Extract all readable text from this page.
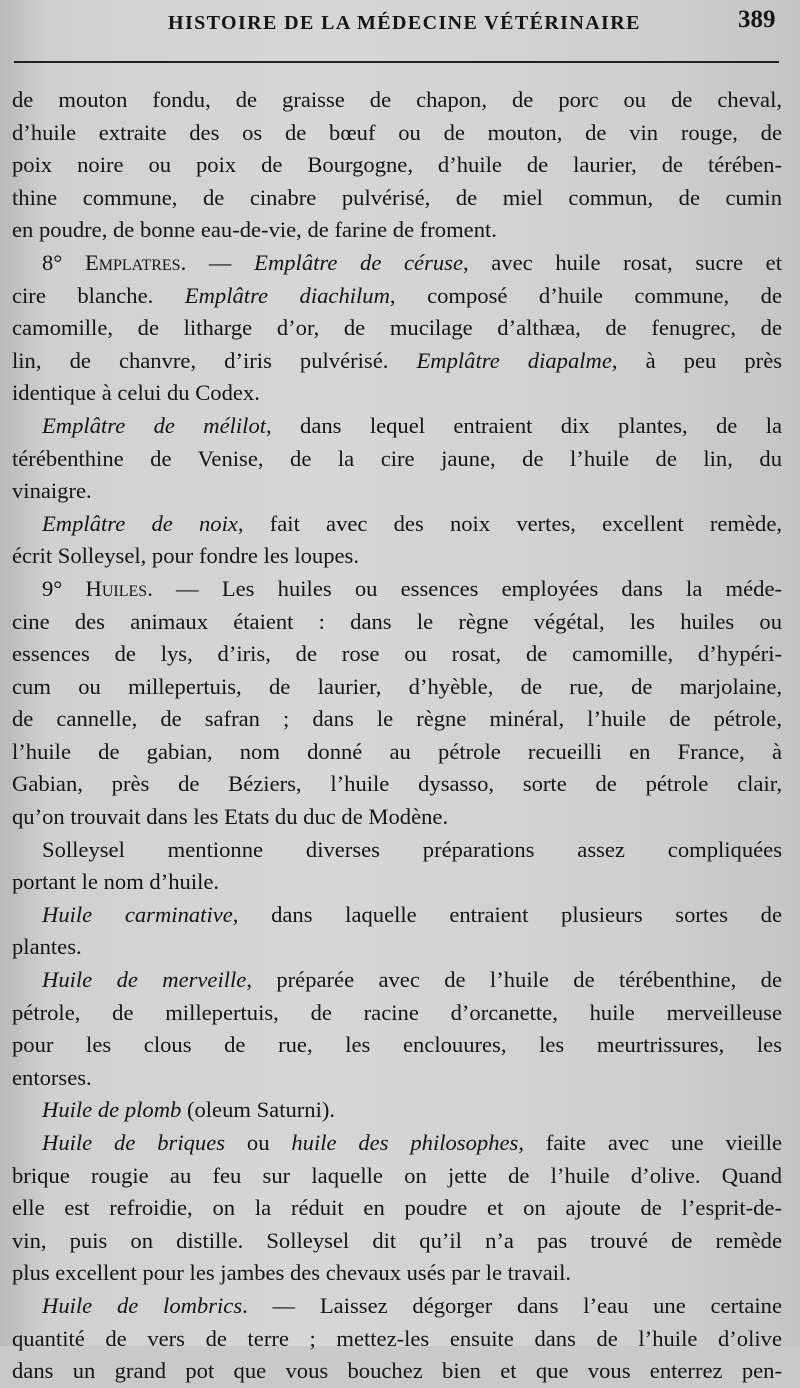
HISTOIRE DE LA MÉDECINE VÉTÉRINAIRE	389
de mouton fondu, de graisse de chapon, de porc ou de cheval,
d’huile extraite des os de bœuf ou de mouton, de vin rouge, de
poix noire ou poix de Bourgogne, d’huile de laurier, de térében-
thine commune, de cinabre pulvérisé, de miel commun, de cumin
en poudre, de bonne eau-de-vie, de farine de froment.
8° Emplatres. — Emplâtre de céruse, avec huile rosat, sucre et
cire blanche. Emplâtre diachilum, composé d’huile commune, de
camomille, de litharge d’or, de mucilage d’althæa, de fenugrec, de
lin, de chanvre, d’iris pulvérisé. Emplâtre diapalme, à peu près
identique à celui du Codex.
Emplâtre de mélilot, dans lequel entraient dix plantes, de la
térébenthine de Venise, de la cire jaune, de l’huile de lin, du
vinaigre.
Emplâtre de noix, fait avec des noix vertes, excellent remède,
écrit Solleysel, pour fondre les loupes.
9° Huiles. — Les huiles ou essences employées dans la méde-
cine des animaux étaient : dans le règne végétal, les huiles ou
essences de lys, d’iris, de rose ou rosat, de camomille, d’hypéri-
cum ou millepertuis, de laurier, d’hyèble, de rue, de marjolaine,
de cannelle, de safran ; dans le règne minéral, l’huile de pétrole,
l’huile de gabian, nom donné au pétrole recueilli en France, à
Gabian, près de Béziers, l’huile dysasso, sorte de pétrole clair,
qu’on trouvait dans les Etats du duc de Modène.
Solleysel mentionne diverses préparations assez compliquées
portant le nom d’huile.
Huile carminative, dans laquelle entraient plusieurs sortes de
plantes.
Huile de merveille, préparée avec de l’huile de térébenthine, de
pétrole, de millepertuis, de racine d’orcanette, huile merveilleuse
pour les clous de rue, les enclouures, les meurtrissures, les
entorses.
Huile de plomb (oleum Saturni).
Huile de briques ou huile des philosophes, faite avec une vieille
brique rougie au feu sur laquelle on jette de l’huile d’olive. Quand
elle est refroidie, on la réduit en poudre et on ajoute de l’esprit-de-
vin, puis on distille. Solleysel dit qu’il n’a pas trouvé de remède
plus excellent pour les jambes des chevaux usés par le travail.
Huile de lombrics. — Laissez dégorger dans l’eau une certaine
quantité de vers de terre ; mettez-les ensuite dans de l’huile d’olive
dans un grand pot que vous bouchez bien et que vous enterrez pen-
